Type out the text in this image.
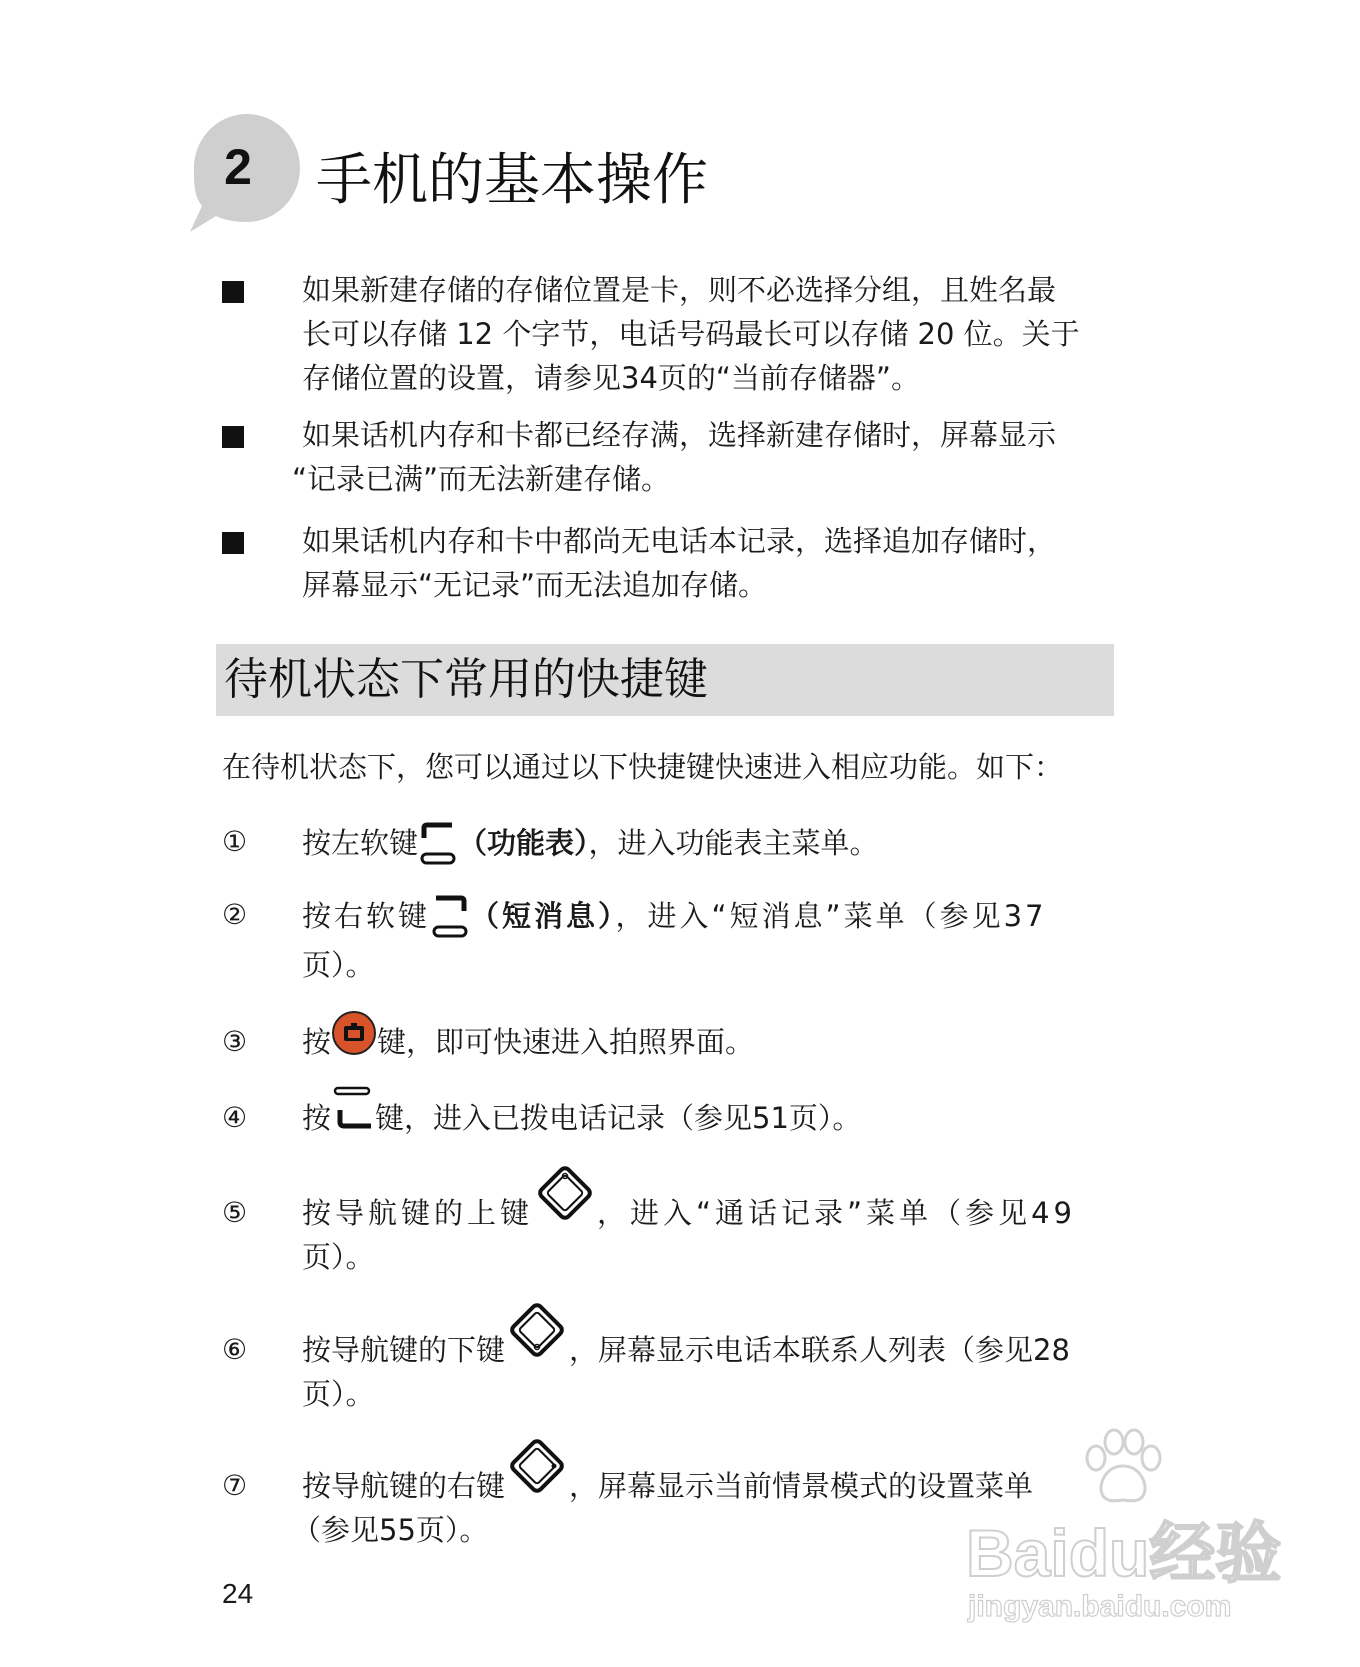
2	手机的基本操作
如果新建存储的存储位置是卡，则不必选择分组，且姓名最
长可以存储 12 个字节，电话号码最长可以存储 20 位。关于
存储位置的设置，请参见34页的“当前存储器”。
如果话机内存和卡都已经存满，选择新建存储时，屏幕显示
“记录已满”而无法新建存储。
如果话机内存和卡中都尚无电话本记录，选择追加存储时，
屏幕显示“无记录”而无法追加存储。
待机状态下常用的快捷键
在待机状态下，您可以通过以下快捷键快速进入相应功能。如下：
① 按左软键 （功能表），进入功能表主菜单。
② 按右软键 （短消息），进入“短消息”菜单（参见37
页）。
③ 按 键，即可快速进入拍照界面。
④ 按 键，进入已拨电话记录（参见51页）。
⑤ 按导航键的上键 ，进入“通话记录”菜单（参见49
页）。
⑥ 按导航键的下键 ，屏幕显示电话本联系人列表（参见28
页）。
⑦ 按导航键的右键 ，屏幕显示当前情景模式的设置菜单
（参见55页）。
24
Baidu经验
jingyan.baidu.com
